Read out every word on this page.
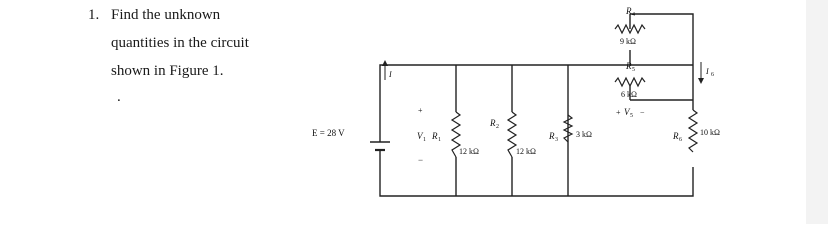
1. Find the unknown
quantities in the circuit
shown in Figure 1.
.
E = 28 V
I
+
V 1
−
R 1
12 kΩ
R 2
12 kΩ
R 3
3 kΩ
R 4
9 kΩ
R 5
6 kΩ
+ V 5 −
I 6
R 6
10 kΩ
